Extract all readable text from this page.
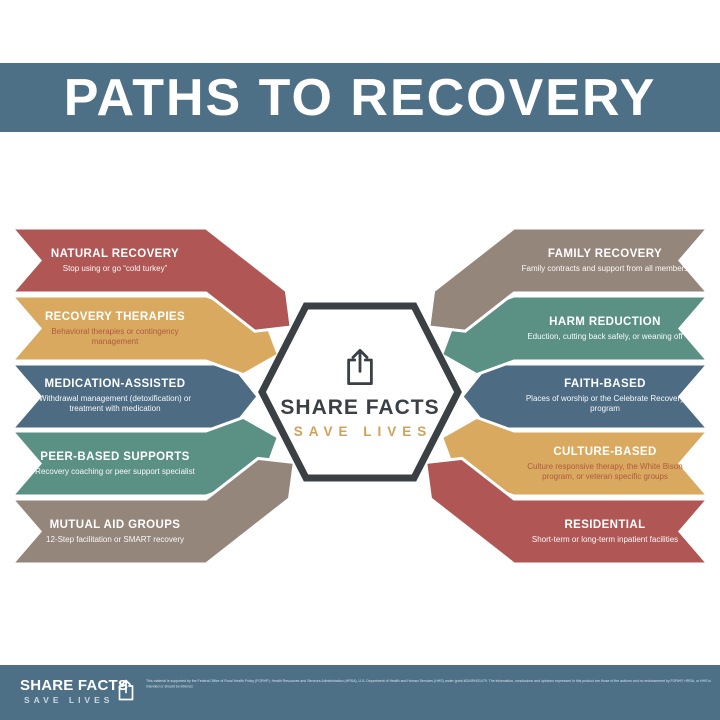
PATHS TO RECOVERY
NATURAL RECOVERY
Stop using or go “cold turkey”
RECOVERY THERAPIES
Behavioral therapies or contingency management
MEDICATION-ASSISTED
Withdrawal management (detoxification) or treatment with medication
PEER-BASED SUPPORTS
Recovery coaching or peer support specialist
MUTUAL AID GROUPS
12-Step facilitation or SMART recovery
FAMILY RECOVERY
Family contracts and support from all members
HARM REDUCTION
Eduction, cutting back safely, or weaning off
FAITH-BASED
Places of worship or the Celebrate Recovery program
CULTURE-BASED
Culture responsive therapy, the White Bison program, or veteran specific groups
RESIDENTIAL
Short-term or long-term inpatient facilities
SHARE FACTS
SAVE LIVES
SHARE FACTS
SAVE LIVES
This material is supported by the Federal Office of Rural Health Policy (FORHP), Health Resources and Services Administration (HRSA), U.S. Department of Health and Human Services (HHS) under grant #D04RH31479. The information, conclusions and opinions expressed in this product are those of the authors and no endorsement by FORHP, HRSA, or HHS is intended or should be inferred.
